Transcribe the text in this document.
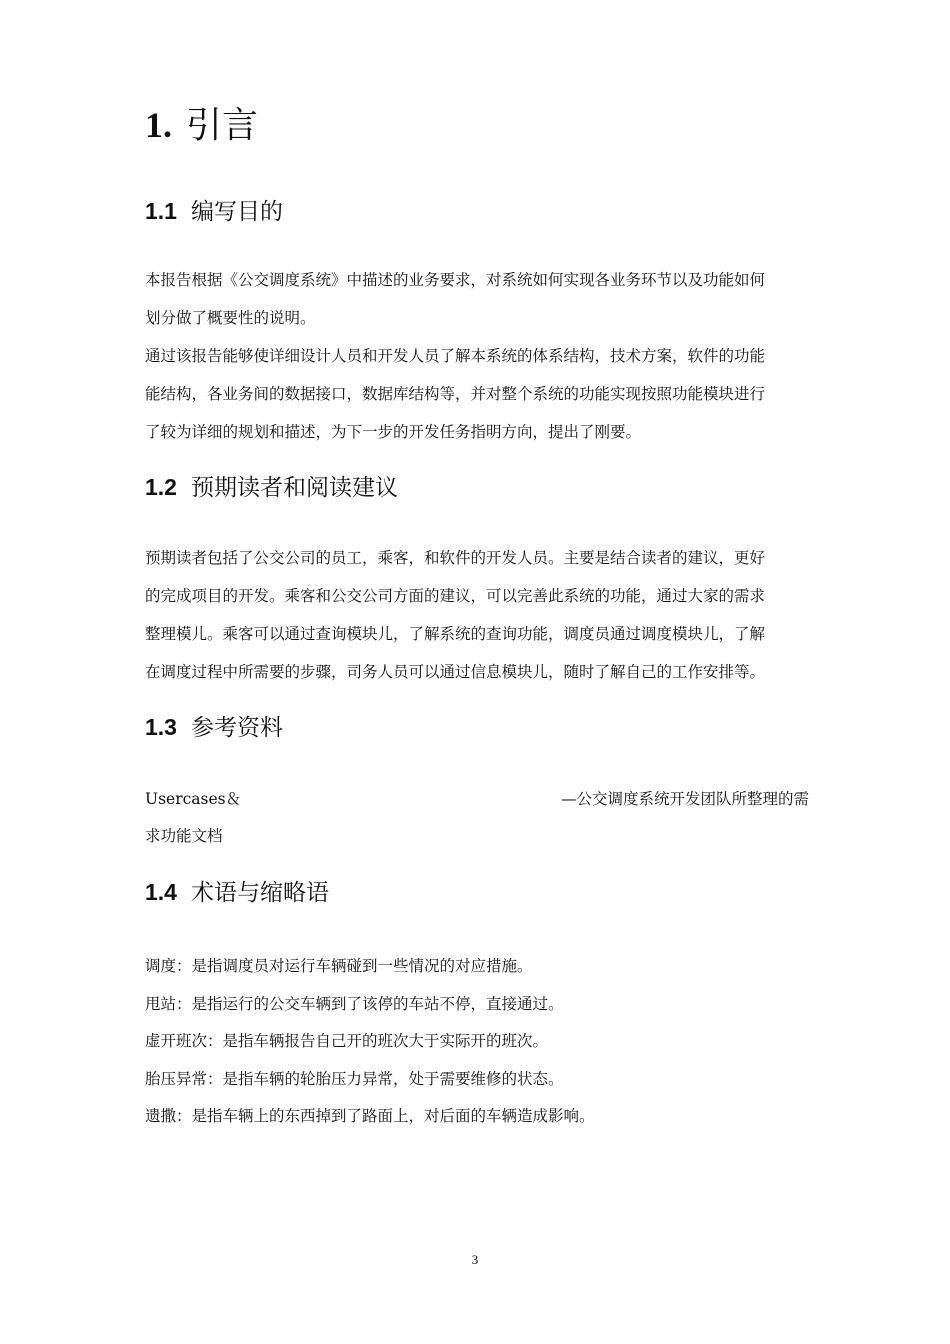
1. 引言
1.1 编写目的
本报告根据《公交调度系统》中描述的业务要求，对系统如何实现各业务环节以及功能如何
划分做了概要性的说明。
通过该报告能够使详细设计人员和开发人员了解本系统的体系结构，技术方案，软件的功能
能结构，各业务间的数据接口，数据库结构等，并对整个系统的功能实现按照功能模块进行
了较为详细的规划和描述，为下一步的开发任务指明方向，提出了刚要。
1.2 预期读者和阅读建议
预期读者包括了公交公司的员工，乘客，和软件的开发人员。主要是结合读者的建议，更好
的完成项目的开发。乘客和公交公司方面的建议，可以完善此系统的功能，通过大家的需求
整理模儿。乘客可以通过查询模块儿，了解系统的查询功能，调度员通过调度模块儿，了解
在调度过程中所需要的步骤，司务人员可以通过信息模块儿，随时了解自己的工作安排等。
1.3 参考资料
Usercases＆	—公交调度系统开发团队所整理的需
求功能文档
1.4 术语与缩略语
调度：是指调度员对运行车辆碰到一些情况的对应措施。
甩站：是指运行的公交车辆到了该停的车站不停，直接通过。
虚开班次：是指车辆报告自己开的班次大于实际开的班次。
胎压异常：是指车辆的轮胎压力异常，处于需要维修的状态。
遗撒：是指车辆上的东西掉到了路面上，对后面的车辆造成影响。
3
